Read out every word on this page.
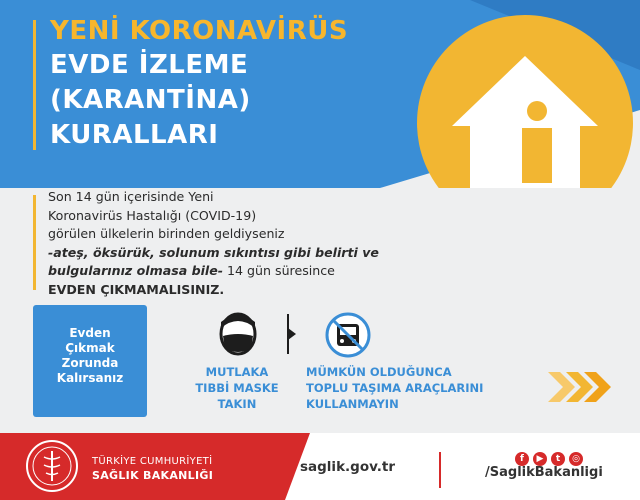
YENİ KORONAVİRÜS
EVDE İZLEME
(KARANTİNA)
KURALLARI
Son 14 gün içerisinde Yeni
Koronavirüs Hastalığı (COVID-19)
görülen ülkelerin birinden geldiyseniz
-ateş, öksürük, solunum sıkıntısı gibi belirti ve
bulgularınız olmasa bile- 14 gün süresince
EVDEN ÇIKMAMALISINIZ.
Evden
Çıkmak
Zorunda
Kalırsanız	MUTLAKA
TIBBİ MASKE
TAKIN
MÜMKÜN OLDUĞUNCA
TOPLU TAŞIMA ARAÇLARINI
KULLANMAYIN
TÜRKİYE CUMHURİYETİ
SAĞLIK BAKANLIĞI
saglik.gov.tr	f	▶	t	◎
/SaglikBakanligi
